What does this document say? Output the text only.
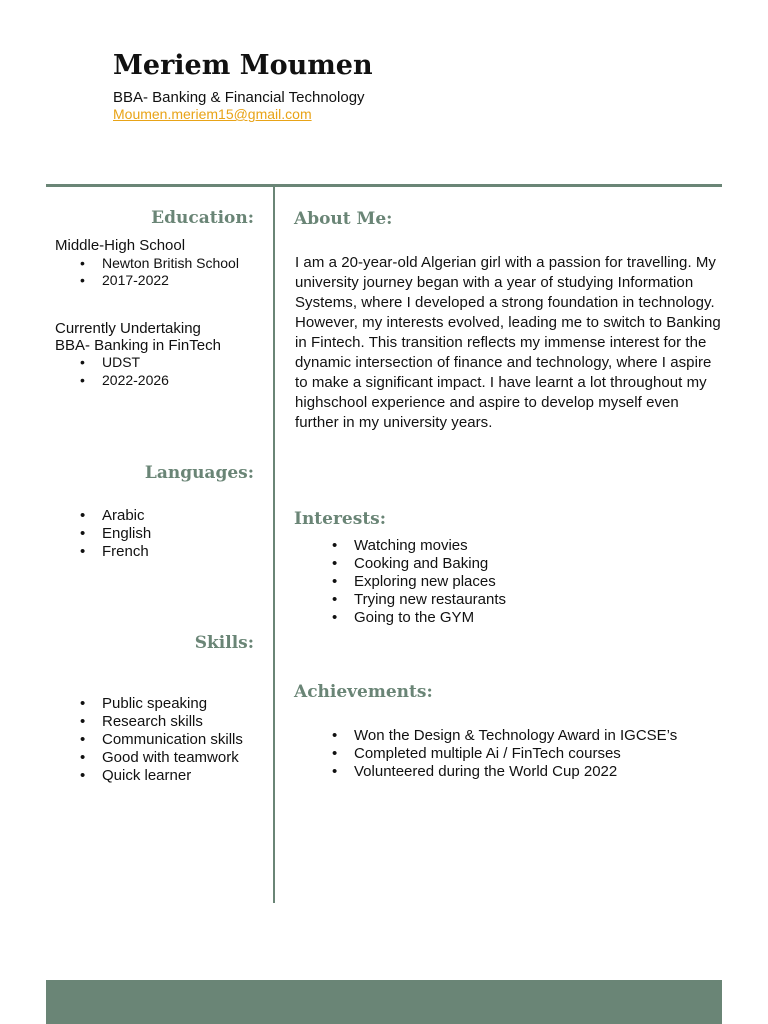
Meriem Moumen
BBA- Banking & Financial Technology
Moumen.meriem15@gmail.com
Education:
Middle-High School
• Newton British School
• 2017-2022
Currently Undertaking
BBA- Banking in FinTech
• UDST
• 2022-2026
Languages:
• Arabic
• English
• French
Skills:
• Public speaking
• Research skills
• Communication skills
• Good with teamwork
• Quick learner
About Me:
I am a 20-year-old Algerian girl with a passion for travelling. My university journey began with a year of studying Information Systems, where I developed a strong foundation in technology. However, my interests evolved, leading me to switch to Banking in Fintech. This transition reflects my immense interest for the dynamic intersection of finance and technology, where I aspire to make a significant impact. I have learnt a lot throughout my highschool experience and aspire to develop myself even further in my university years.
Interests:
• Watching movies
• Cooking and Baking
• Exploring new places
• Trying new restaurants
• Going to the GYM
Achievements:
• Won the Design & Technology Award in IGCSE’s
• Completed multiple Ai / FinTech courses
• Volunteered during the World Cup 2022
